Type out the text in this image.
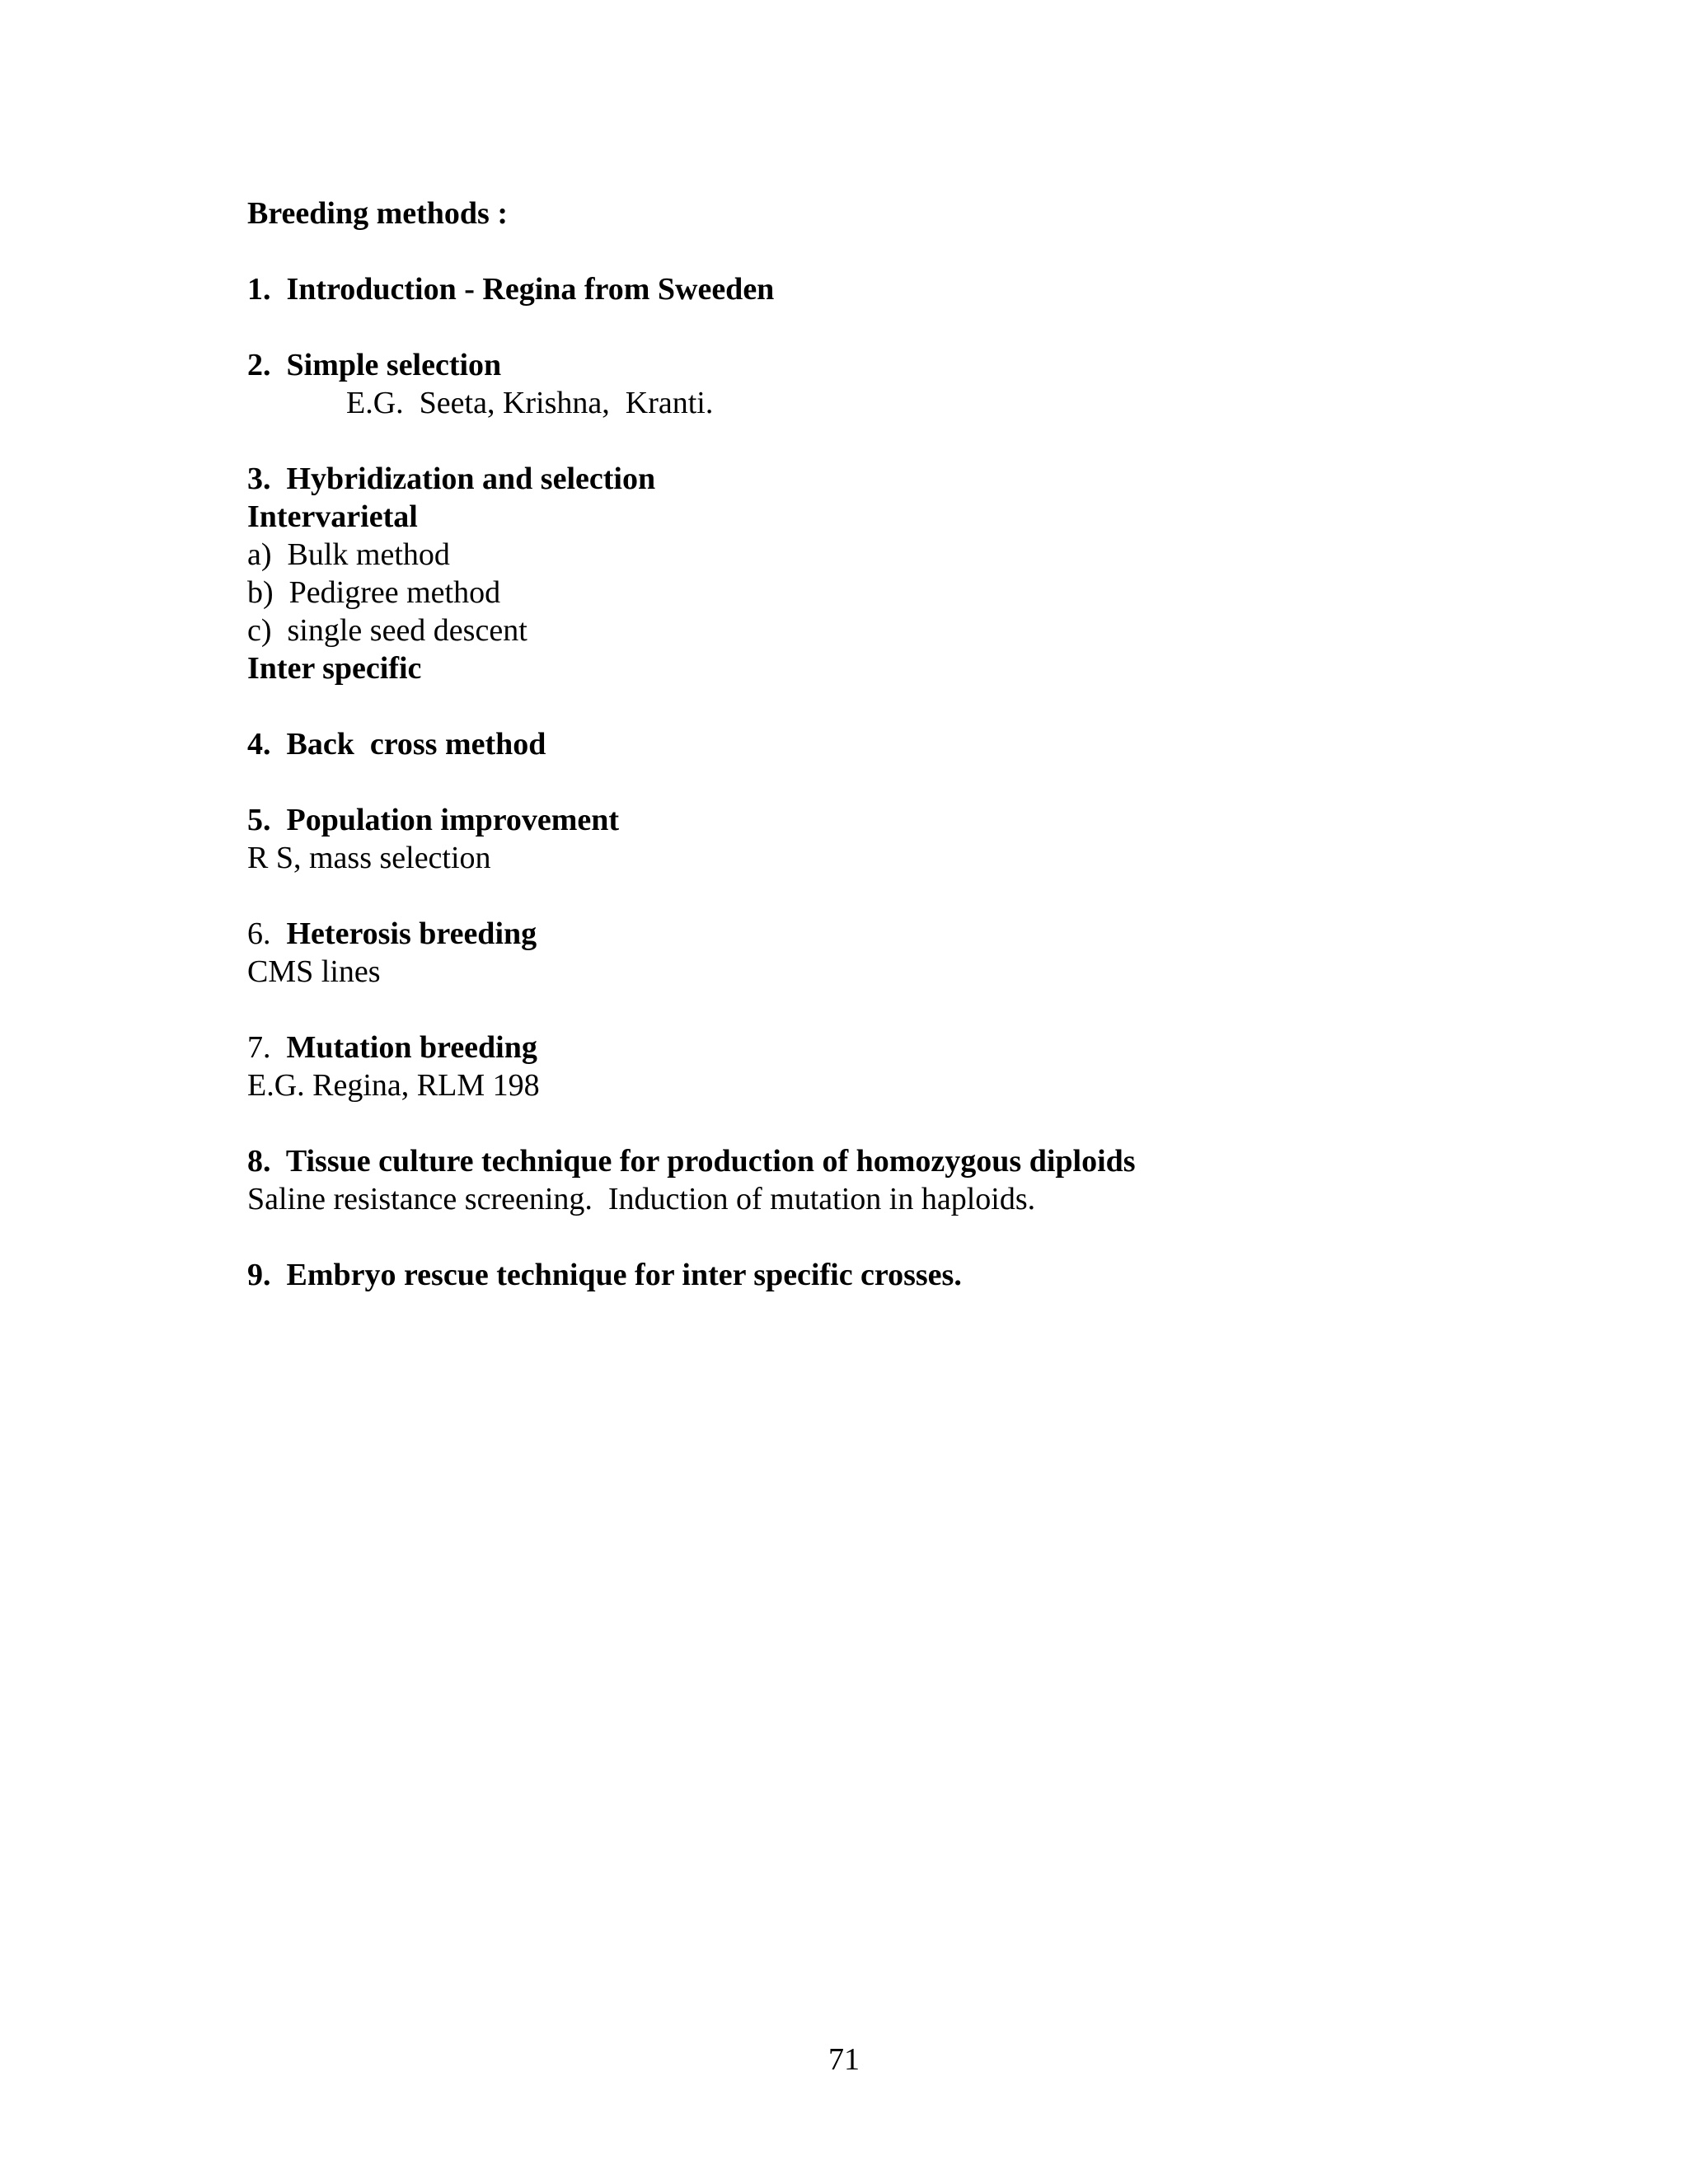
Breeding methods :
1.  Introduction - Regina from Sweeden
2.  Simple selection
E.G.  Seeta, Krishna,  Kranti.
3.  Hybridization and selection
Intervarietal
a)  Bulk method
b)  Pedigree method
c)  single seed descent
Inter specific
4.  Back  cross method
5.  Population improvement
R S, mass selection
6.  Heterosis breeding
CMS lines
7.  Mutation breeding
E.G. Regina, RLM 198
8.  Tissue culture technique for production of homozygous diploids
Saline resistance screening.  Induction of mutation in haploids.
9.  Embryo rescue technique for inter specific crosses.
71
